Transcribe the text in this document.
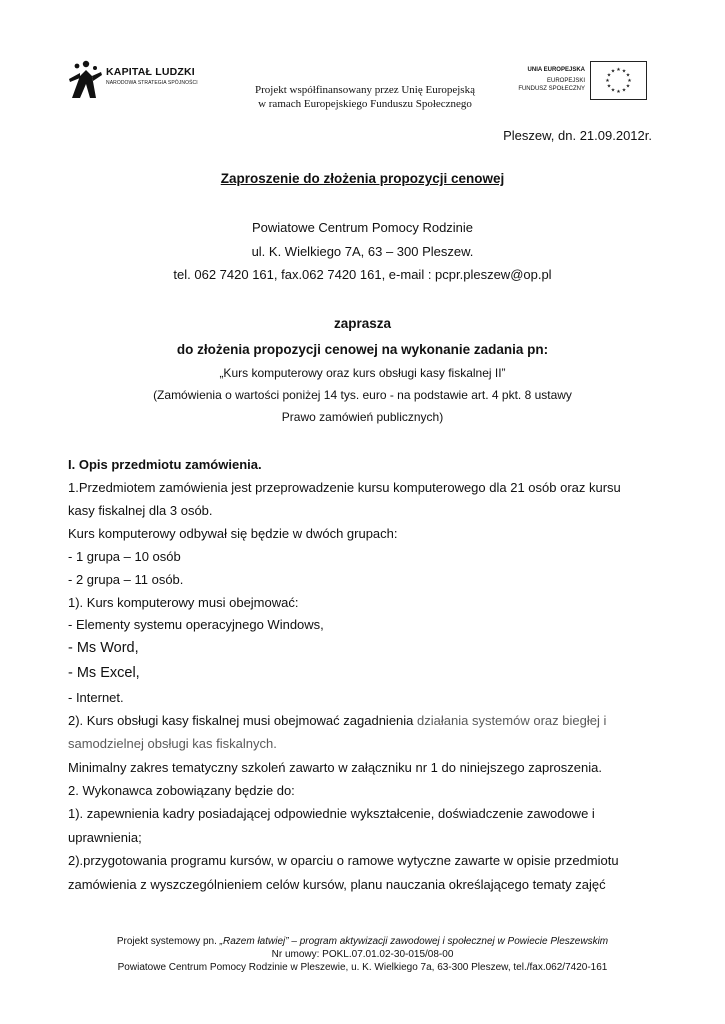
KAPITAŁ LUDZKI
NARODOWA STRATEGIA SPÓJNOŚCI
Projekt współfinansowany przez Unię Europejską
w ramach Europejskiego Funduszu Społecznego
UNIA EUROPEJSKA
EUROPEJSKI
FUNDUSZ SPOŁECZNY
★ ★
★
★
★
★
★
★
★
★
★
★
Pleszew, dn. 21.09.2012r.
Zaproszenie do złożenia propozycji cenowej
Powiatowe Centrum Pomocy Rodzinie
ul. K. Wielkiego 7A, 63 – 300 Pleszew.
tel. 062 7420 161, fax.062 7420 161, e-mail : pcpr.pleszew@op.pl
zaprasza
do złożenia propozycji cenowej na wykonanie zadania pn:
„Kurs komputerowy oraz kurs obsługi kasy fiskalnej II”
(Zamówienia o wartości poniżej 14 tys. euro - na podstawie art. 4 pkt. 8 ustawy
Prawo zamówień publicznych)
I. Opis przedmiotu zamówienia.
1.Przedmiotem zamówienia jest przeprowadzenie kursu komputerowego dla 21 osób oraz kursu
kasy fiskalnej dla 3 osób.
Kurs komputerowy odbywał się będzie w dwóch grupach:
- 1 grupa – 10 osób
- 2 grupa – 11 osób.
1). Kurs komputerowy musi obejmować:
- Elementy systemu operacyjnego Windows,
- Ms Word,
- Ms Excel,
- Internet.
2). Kurs obsługi kasy fiskalnej musi obejmować zagadnienia działania systemów oraz biegłej i
samodzielnej obsługi kas fiskalnych.
Minimalny zakres tematyczny szkoleń zawarto w załączniku nr 1 do niniejszego zaproszenia.
2. Wykonawca zobowiązany będzie do:
1). zapewnienia kadry posiadającej odpowiednie wykształcenie, doświadczenie zawodowe i
uprawnienia;
2).przygotowania programu kursów, w oparciu o ramowe wytyczne zawarte w opisie przedmiotu
zamówienia z wyszczególnieniem celów kursów, planu nauczania określającego tematy zajęć
Projekt systemowy pn. „Razem łatwiej” – program aktywizacji zawodowej i społecznej w Powiecie Pleszewskim
Nr umowy: POKL.07.01.02-30-015/08-00
Powiatowe Centrum Pomocy Rodzinie w Pleszewie, u. K. Wielkiego 7a, 63-300 Pleszew, tel./fax.062/7420-161
